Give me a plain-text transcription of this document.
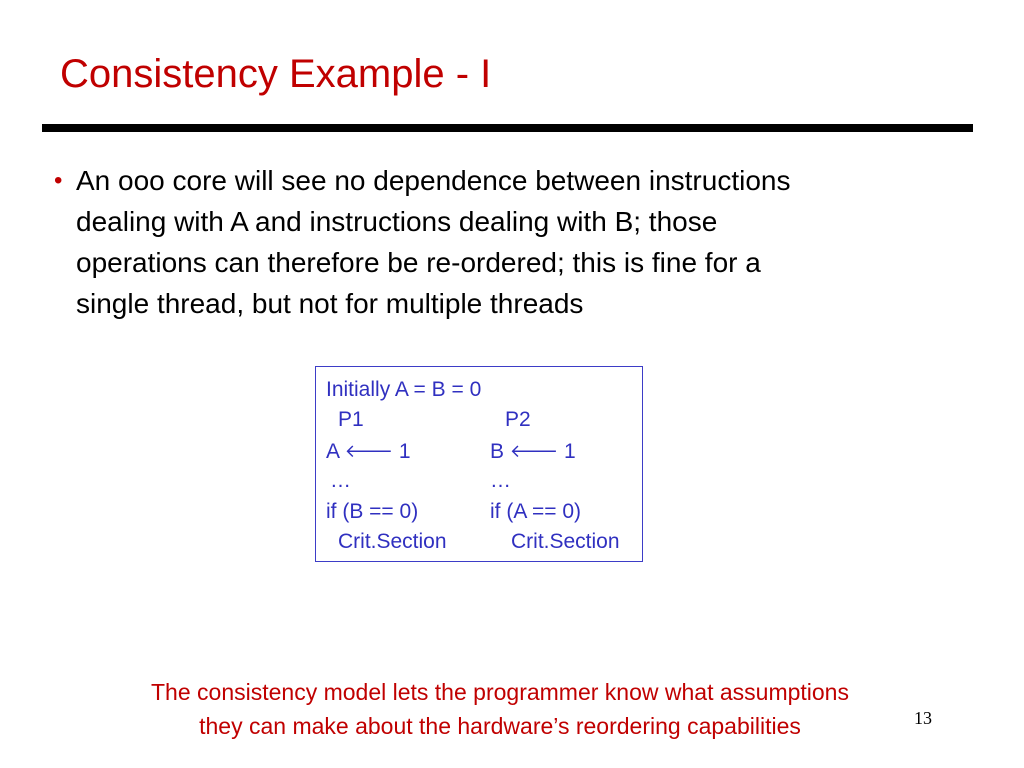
Consistency Example - I
• An ooo core will see no dependence between instructions
dealing with A and instructions dealing with B; those
operations can therefore be re-ordered; this is fine for a
single thread, but not for multiple threads
Initially A = B = 0
P1	P2
A 🡐 1	B 🡐 1
…	…
if (B == 0)	if (A == 0)
Crit.Section	Crit.Section
The consistency model lets the programmer know what assumptions
they can make about the hardware’s reordering capabilities	13
